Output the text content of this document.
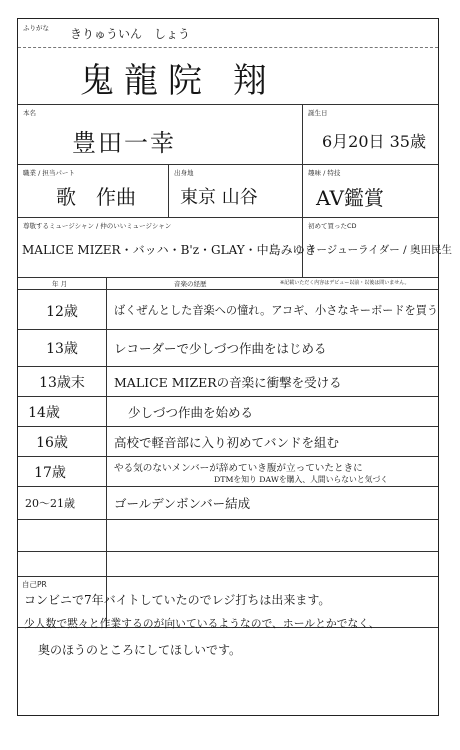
ふりがな きりゅういん　しょう
鬼龍院 翔
本名
豊田一幸
誕生日
6月20日 35歳
職業 / 担当パート
歌　作曲
出身地
東京 山谷
趣味 / 特技
AV鑑賞
尊敬するミュージシャン / 仲のいいミュージシャン
MALICE MIZER・バッハ・B'z・GLAY・中島みゆき
初めて買ったCD
イージューライダー / 奥田民生
年 月	音楽の経歴	※記載いただく内容はデビュー以前・以後は問いません。
12歳	ばくぜんとした音楽への憧れ。アコギ、小さなキーボードを買う
13歳	レコーダーで少しづつ作曲をはじめる
13歳末	MALICE MIZERの音楽に衝撃を受ける
14歳	少しづつ作曲を始める
16歳	高校で軽音部に入り初めてバンドを組む
17歳	やる気のないメンバーが辞めていき腹が立っていたときに
DTMを知り DAWを購入、人間いらないと気づく
20〜21歳	ゴールデンボンバー結成
自己PR
コンビニで7年バイトしていたのでレジ打ちは出来ます。
少人数で黙々と作業するのが向いているようなので、ホールとかでなく、
奥のほうのところにしてほしいです。
